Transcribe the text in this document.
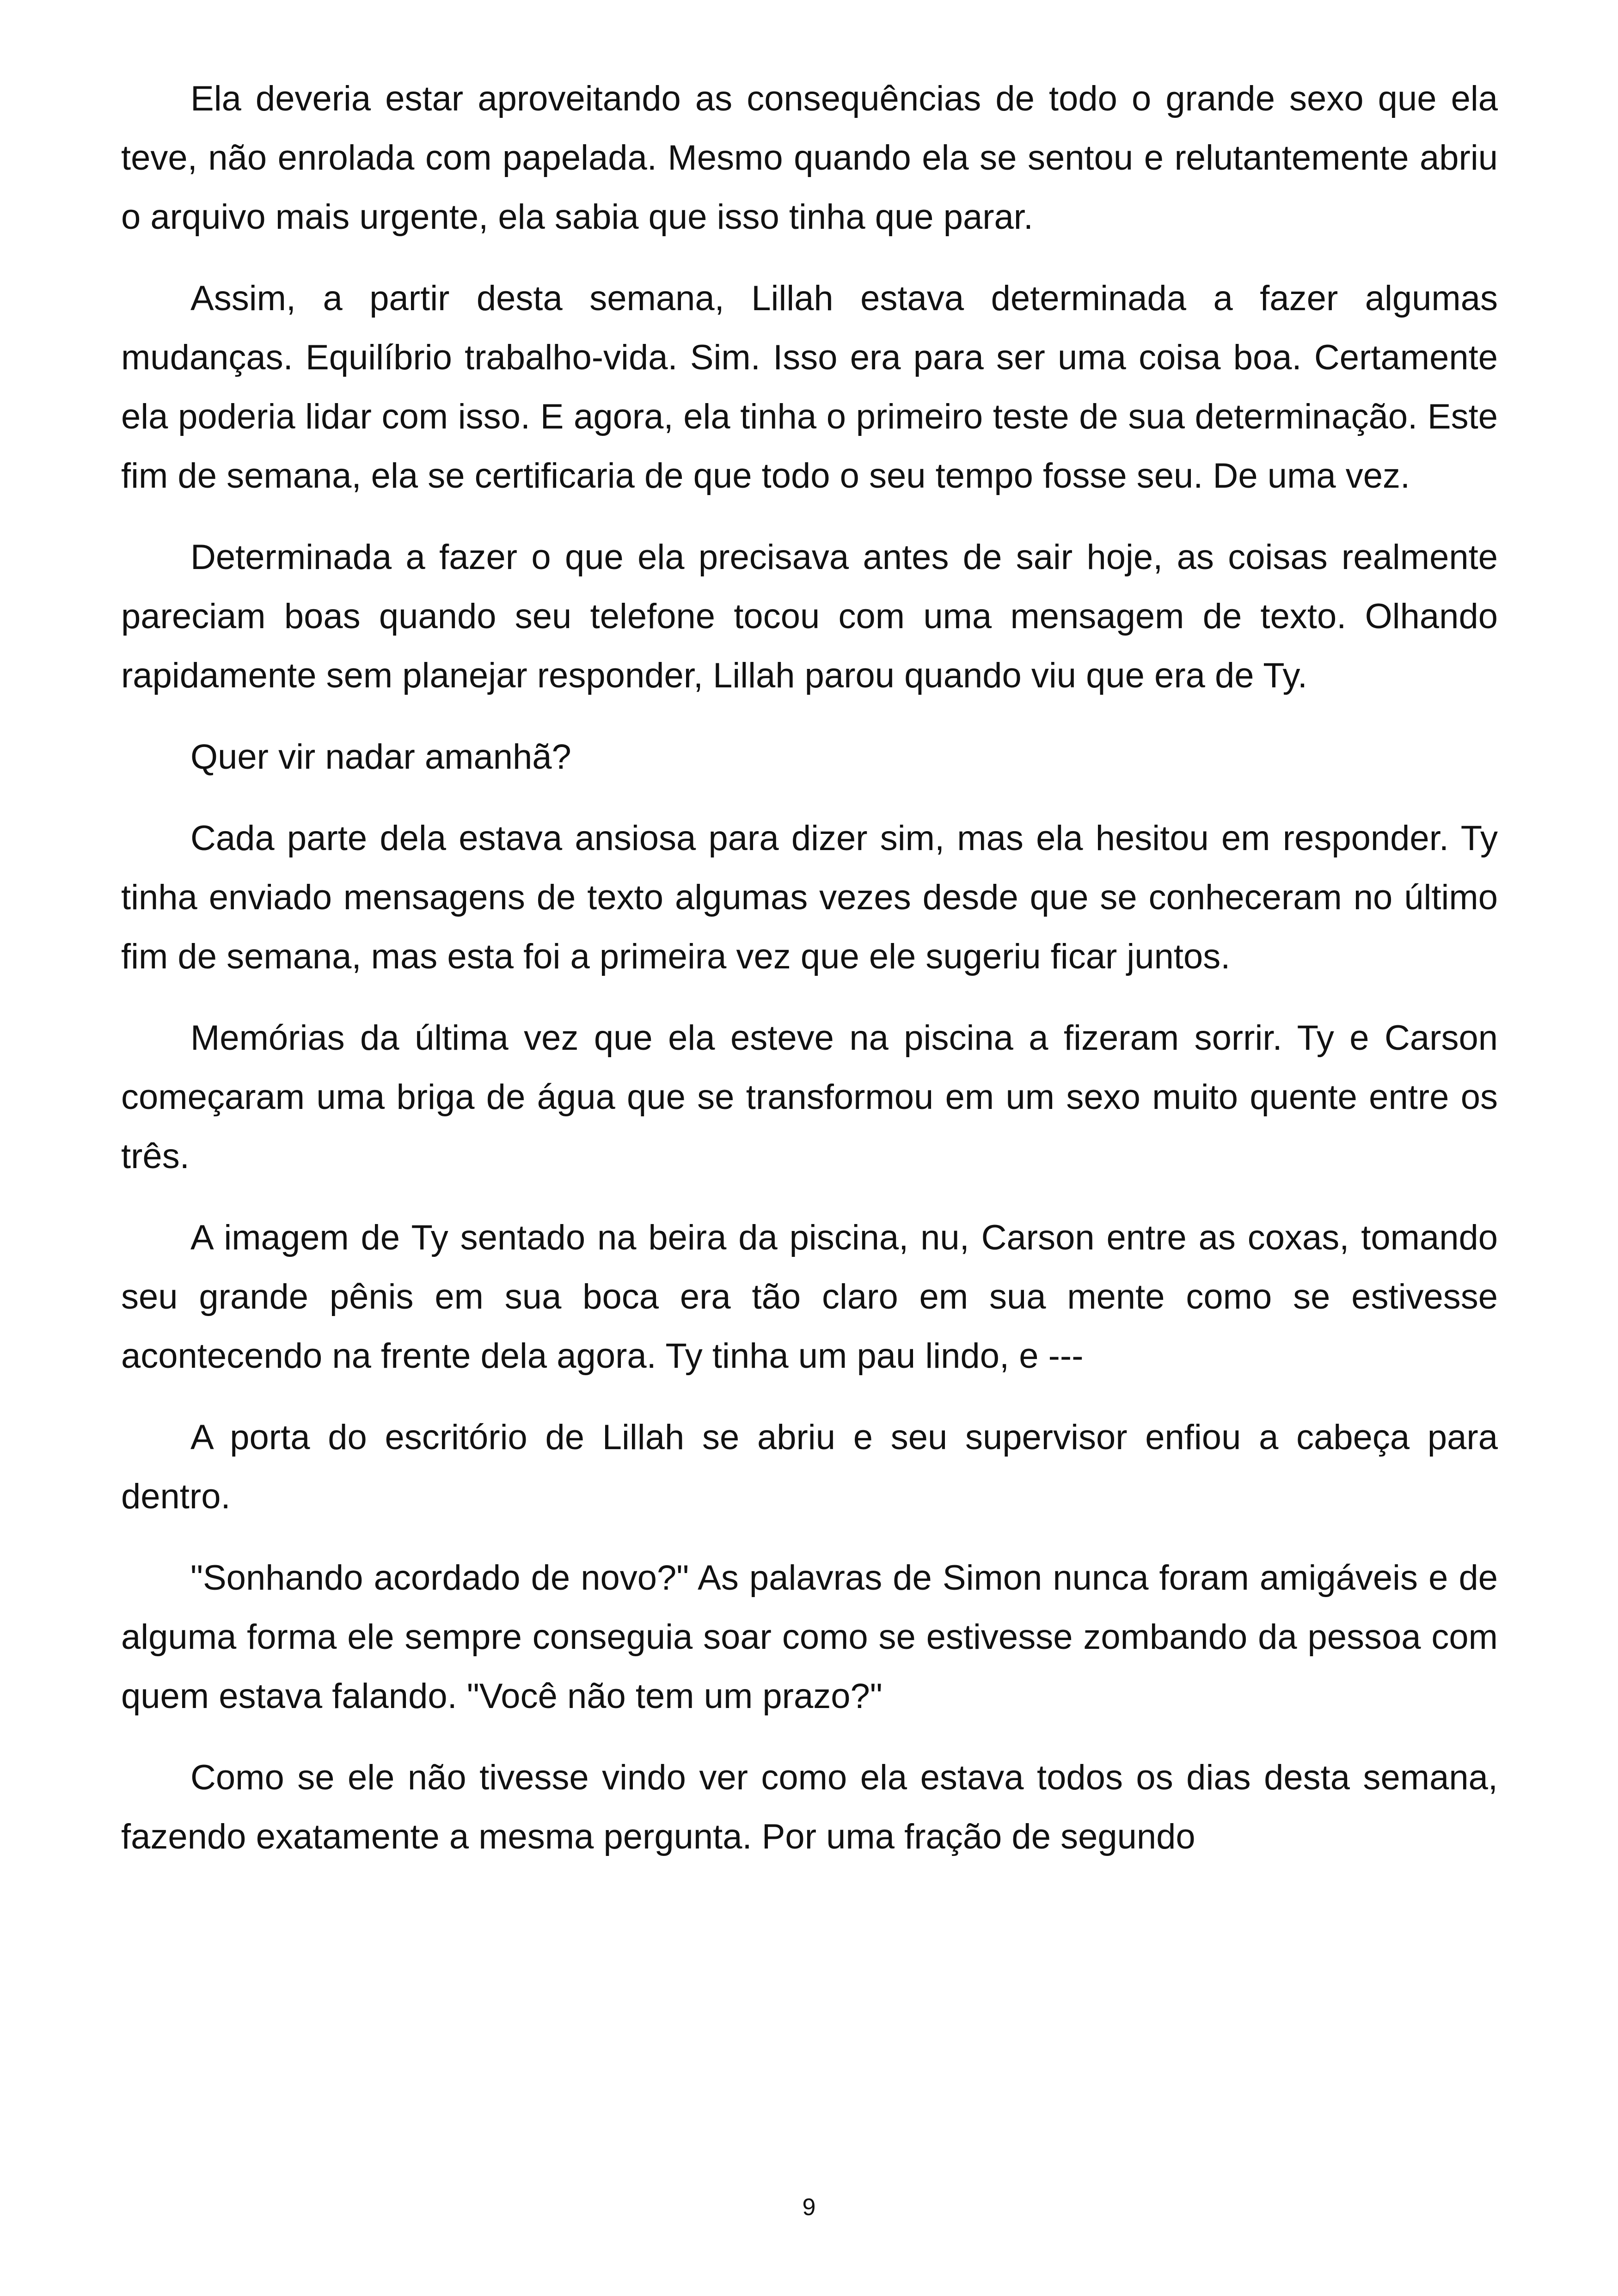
Ela deveria estar aproveitando as consequências de todo o grande sexo que ela teve, não enrolada com papelada. Mesmo quando ela se sentou e relutantemente abriu o arquivo mais urgente, ela sabia que isso tinha que parar.

Assim, a partir desta semana, Lillah estava determinada a fazer algumas mudanças. Equilíbrio trabalho-vida. Sim. Isso era para ser uma coisa boa. Certamente ela poderia lidar com isso. E agora, ela tinha o primeiro teste de sua determinação. Este fim de semana, ela se certificaria de que todo o seu tempo fosse seu. De uma vez.

Determinada a fazer o que ela precisava antes de sair hoje, as coisas realmente pareciam boas quando seu telefone tocou com uma mensagem de texto. Olhando rapidamente sem planejar responder, Lillah parou quando viu que era de Ty.

Quer vir nadar amanhã?

Cada parte dela estava ansiosa para dizer sim, mas ela hesitou em responder. Ty tinha enviado mensagens de texto algumas vezes desde que se conheceram no último fim de semana, mas esta foi a primeira vez que ele sugeriu ficar juntos.

Memórias da última vez que ela esteve na piscina a fizeram sorrir. Ty e Carson começaram uma briga de água que se transformou em um sexo muito quente entre os três.

A imagem de Ty sentado na beira da piscina, nu, Carson entre as coxas, tomando seu grande pênis em sua boca era tão claro em sua mente como se estivesse acontecendo na frente dela agora. Ty tinha um pau lindo, e ---

A porta do escritório de Lillah se abriu e seu supervisor enfiou a cabeça para dentro.

"Sonhando acordado de novo?" As palavras de Simon nunca foram amigáveis e de alguma forma ele sempre conseguia soar como se estivesse zombando da pessoa com quem estava falando. "Você não tem um prazo?"

Como se ele não tivesse vindo ver como ela estava todos os dias desta semana, fazendo exatamente a mesma pergunta. Por uma fração de segundo

9
